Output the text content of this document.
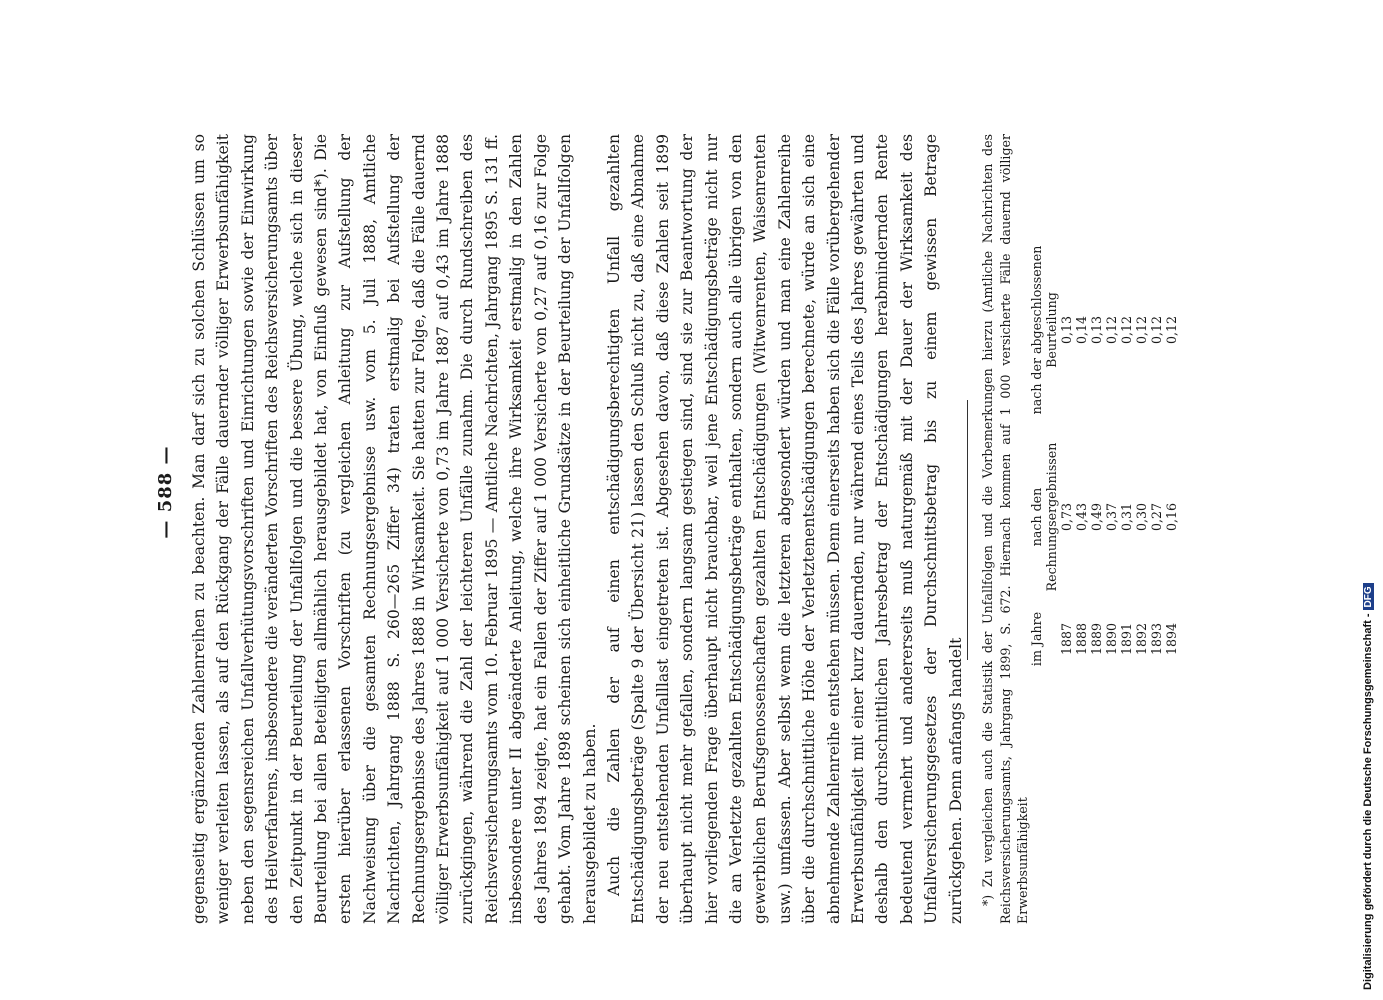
— 588 — gegenseitig ergänzenden Zahlenreihen zu beachten. Man darf sich zu solchen Schlüssen um so weniger verleiten lassen, als auf den Rückgang der Fälle dauernder völliger Erwerbsunfähigkeit neben den segensreichen Unfallverhütungsvorschriften und Einrichtungen sowie der Einwirkung des Heilverfahrens, insbesondere die veränderten Vorschriften des Reichsversicherungsamts über den Zeitpunkt in der Beurteilung der Unfallfolgen und die bessere Übung, welche sich in dieser Beurteilung bei allen Beteiligten allmählich herausgebildet hat, von Einfluß gewesen sind*). Die ersten hierüber erlassenen Vorschriften (zu vergleichen Anleitung zur Aufstellung der Nachweisung über die gesamten Rechnungsergebnisse usw. vom 5. Juli 1888, Amtliche Nachrichten, Jahrgang 1888 S. 260—265 Ziffer 34) traten erstmalig bei Aufstellung der Rechnungsergebnisse des Jahres 1888 in Wirksamkeit. Sie hatten zur Folge, daß die Fälle dauernd völliger Erwerbsunfähigkeit auf 1 000 Versicherte von 0,73 im Jahre 1887 auf 0,43 im Jahre 1888 zurückgingen, während die Zahl der leichteren Unfälle zunahm. Die durch Rundschreiben des Reichsversicherungsamts vom 10. Februar 1895 — Amtliche Nachrichten, Jahrgang 1895 S. 131 ff. insbesondere unter II abgeänderte Anleitung, welche ihre Wirksamkeit erstmalig in den Zahlen des Jahres 1894 zeigte, hat ein Fallen der Ziffer auf 1 000 Versicherte von 0,27 auf 0,16 zur Folge gehabt. Vom Jahre 1898 scheinen sich einheitliche Grundsätze in der Beurteilung der Unfallfolgen herausgebildet zu haben. Auch die Zahlen der auf einen entschädigungsberechtigten Unfall gezahlten Entschädigungsbeträge (Spalte 9 der Übersicht 21) lassen den Schluß nicht zu, daß eine Abnahme der neu entstehenden Unfalllast eingetreten ist. Abgesehen davon, daß diese Zahlen seit 1899 überhaupt nicht mehr gefallen, sondern langsam gestiegen sind, sind sie zur Beantwortung der hier vorliegenden Frage überhaupt nicht brauchbar, weil jene Entschädigungsbeträge nicht nur die an Verletzte gezahlten Entschädigungsbeträge enthalten, sondern auch alle übrigen von den gewerblichen Berufsgenossenschaften gezahlten Entschädigungen (Witwenrenten, Waisenrenten usw.) umfassen. Aber selbst wenn die letzteren abgesondert würden und man eine Zahlenreihe über die durchschnittliche Höhe der Verletztenentschädigungen berechnete, würde an sich eine abnehmende Zahlenreihe entstehen müssen. Denn einerseits haben sich die Fälle vorübergehender Erwerbsunfähigkeit mit einer kurz dauernden, nur während eines Teils des Jahres gewährten und deshalb den durchschnittlichen Jahresbetrag der Entschädigungen herabmindernden Rente bedeutend vermehrt und andererseits muß naturgemäß mit der Dauer der Wirksamkeit des Unfallversicherungsgesetzes der Durchschnittsbetrag bis zu einem gewissen Betrage zurückgehen. Denn anfangs handelt *) Zu vergleichen auch die Statistik der Unfallfolgen und die Vorbemerkungen hierzu (Amtliche Nachrichten des Reichsversicherungsamts, Jahrgang 1899, S. 672. Hiernach kommen auf 1 000 versicherte Fälle dauernd völliger Erwerbsunfähigkeit

im Jahre	nach den Rechnungsergebnissen	nach der abgeschlossenen Beurteilung
1887	0,73	0,13
1888	0,43	0,14
1889	0,49	0,13
1890	0,37	0,12
1891	0,31	0,12
1892	0,30	0,12
1893	0,27	0,12
1894	0,16	0,12
Digitalisierung gefördert durch die Deutsche Forschungsgemeinschaft -DFG
